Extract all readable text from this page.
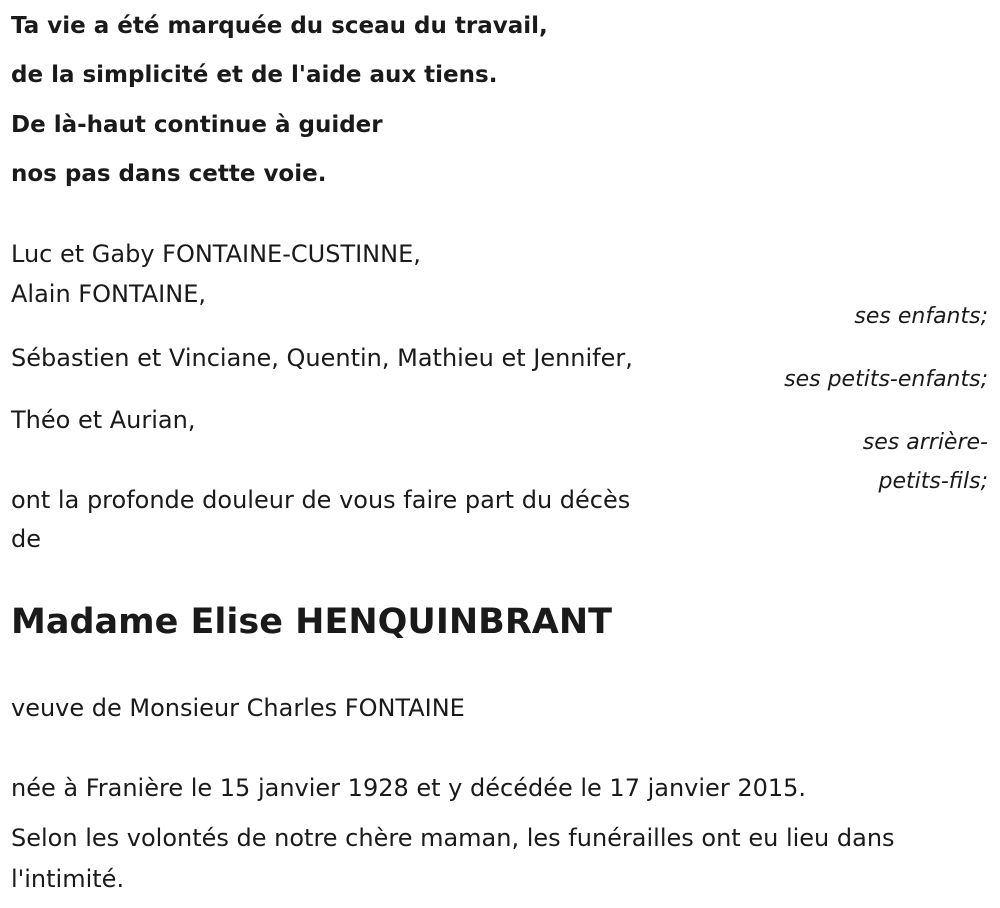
Ta vie a été marquée du sceau du travail,
de la simplicité et de l'aide aux tiens.
De là-haut continue à guider
nos pas dans cette voie.
Luc et Gaby FONTAINE-CUSTINNE,
Alain FONTAINE,
ses enfants;
Sébastien et Vinciane, Quentin, Mathieu et Jennifer,
ses petits-enfants;
Théo et Aurian,
ses arrière-
petits-fils;
ont la profonde douleur de vous faire part du décès
de
Madame Elise HENQUINBRANT
veuve de Monsieur Charles FONTAINE
née à Franière le 15 janvier 1928 et y décédée le 17 janvier 2015.
Selon les volontés de notre chère maman, les funérailles ont eu lieu dans
l'intimité.
